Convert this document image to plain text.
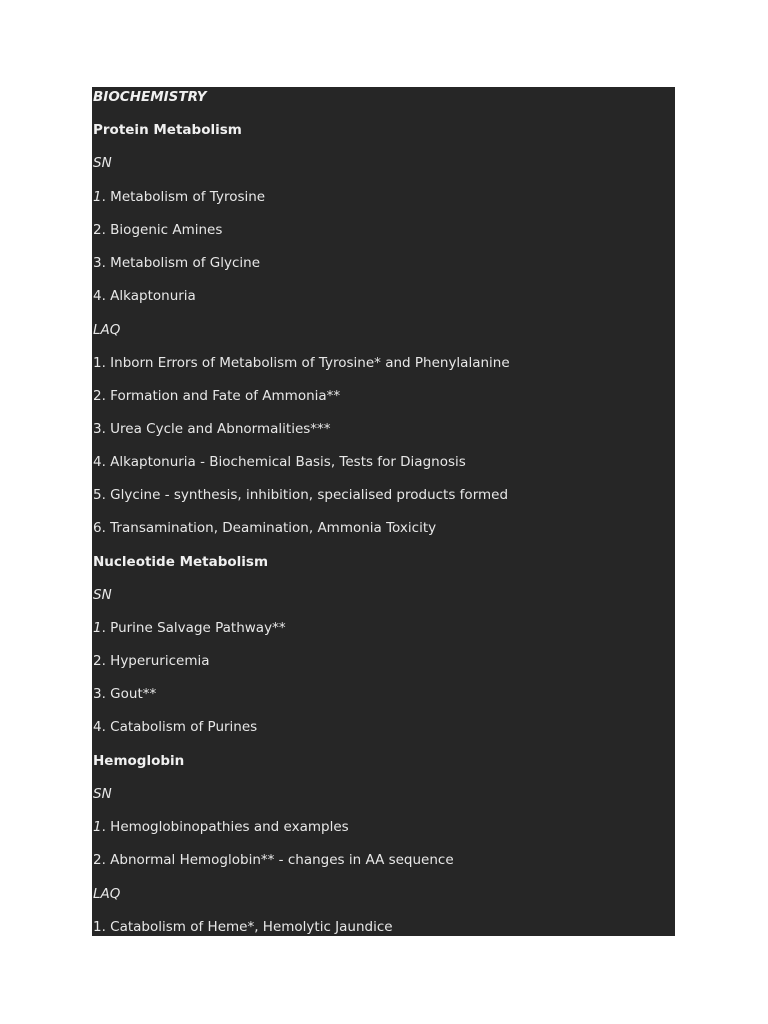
BIOCHEMISTRY
Protein Metabolism
SN
1. Metabolism of Tyrosine
2. Biogenic Amines
3. Metabolism of Glycine
4. Alkaptonuria
LAQ
1. Inborn Errors of Metabolism of Tyrosine* and Phenylalanine
2. Formation and Fate of Ammonia**
3. Urea Cycle and Abnormalities***
4. Alkaptonuria - Biochemical Basis, Tests for Diagnosis
5. Glycine - synthesis, inhibition, specialised products formed
6. Transamination, Deamination, Ammonia Toxicity
Nucleotide Metabolism
SN
1. Purine Salvage Pathway**
2. Hyperuricemia
3. Gout**
4. Catabolism of Purines
Hemoglobin
SN
1. Hemoglobinopathies and examples
2. Abnormal Hemoglobin** - changes in AA sequence
LAQ
1. Catabolism of Heme*, Hemolytic Jaundice
